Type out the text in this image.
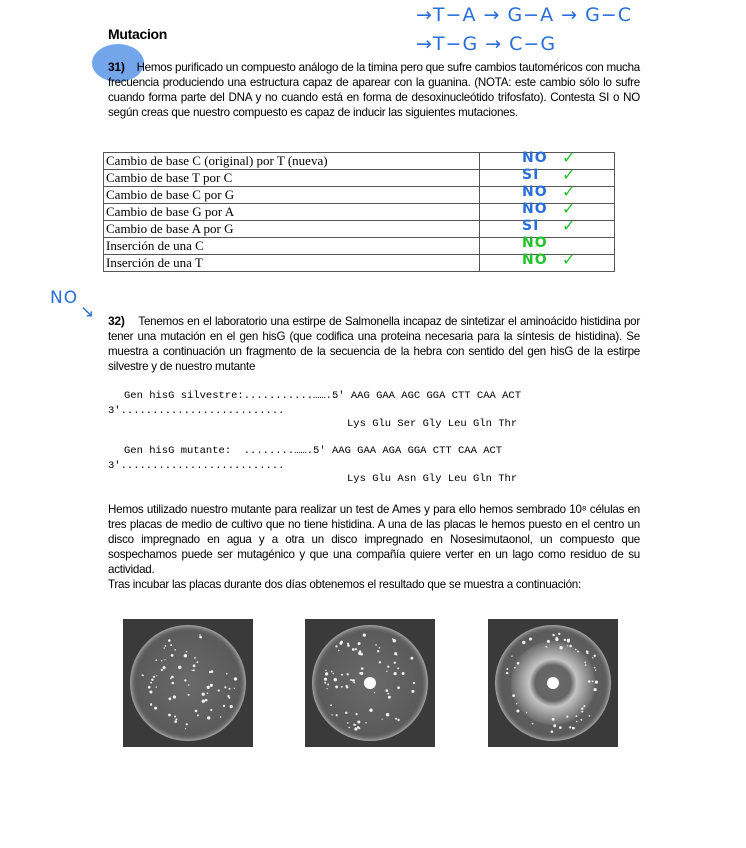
Mutacion
→T−A → G−A → G−C
→T−G → C−G
31) Hemos purificado un compuesto análogo de la timina pero que sufre cambios tautoméricos con mucha frecuencia produciendo una estructura capaz de aparear con la guanina. (NOTA: este cambio sólo lo sufre cuando forma parte del DNA y no cuando está en forma de desoxinucleótido trifosfato). Contesta SI o NO según creas que nuestro compuesto es capaz de inducir las siguientes mutaciones.
Cambio de base C (original) por T (nueva)	NO ✓

Cambio de base T por C	SI ✓

Cambio de base C por G	NO ✓

Cambio de base G por A	NO ✓

Cambio de base A por G	SI ✓

Inserción de una C	NO

Inserción de una T	NO ✓
NO
↘ 32) Tenemos en el laboratorio una estirpe de Salmonella incapaz de sintetizar el aminoácido histidina por tener una mutación en el gen hisG (que codifica una proteina necesaria para la síntesis de histidina). Se muestra a continuación un fragmento de la secuencia de la hebra con sentido del gen hisG de la estirpe silvestre y de nuestro mutante
Gen hisG silvestre:...........…….5' AAG GAA AGC GGA CTT CAA ACT
3'..........................
Lys Glu Ser Gly Leu Gln Thr
Gen hisG mutante: ........…….5' AAG GAA AGA GGA CTT CAA ACT
3'..........................
Lys Glu Asn Gly Leu Gln Thr
Hemos utilizado nuestro mutante para realizar un test de Ames y para ello hemos sembrado 10⁸ células en tres placas de medio de cultivo que no tiene histidina. A una de las placas le hemos puesto en el centro un disco impregnado en agua y a otra un disco impregnado en Nosesimutaonol, un compuesto que sospechamos puede ser mutagénico y que una compañía quiere verter en un lago como residuo de su actividad.
Tras incubar las placas durante dos días obtenemos el resultado que se muestra a continuación:
